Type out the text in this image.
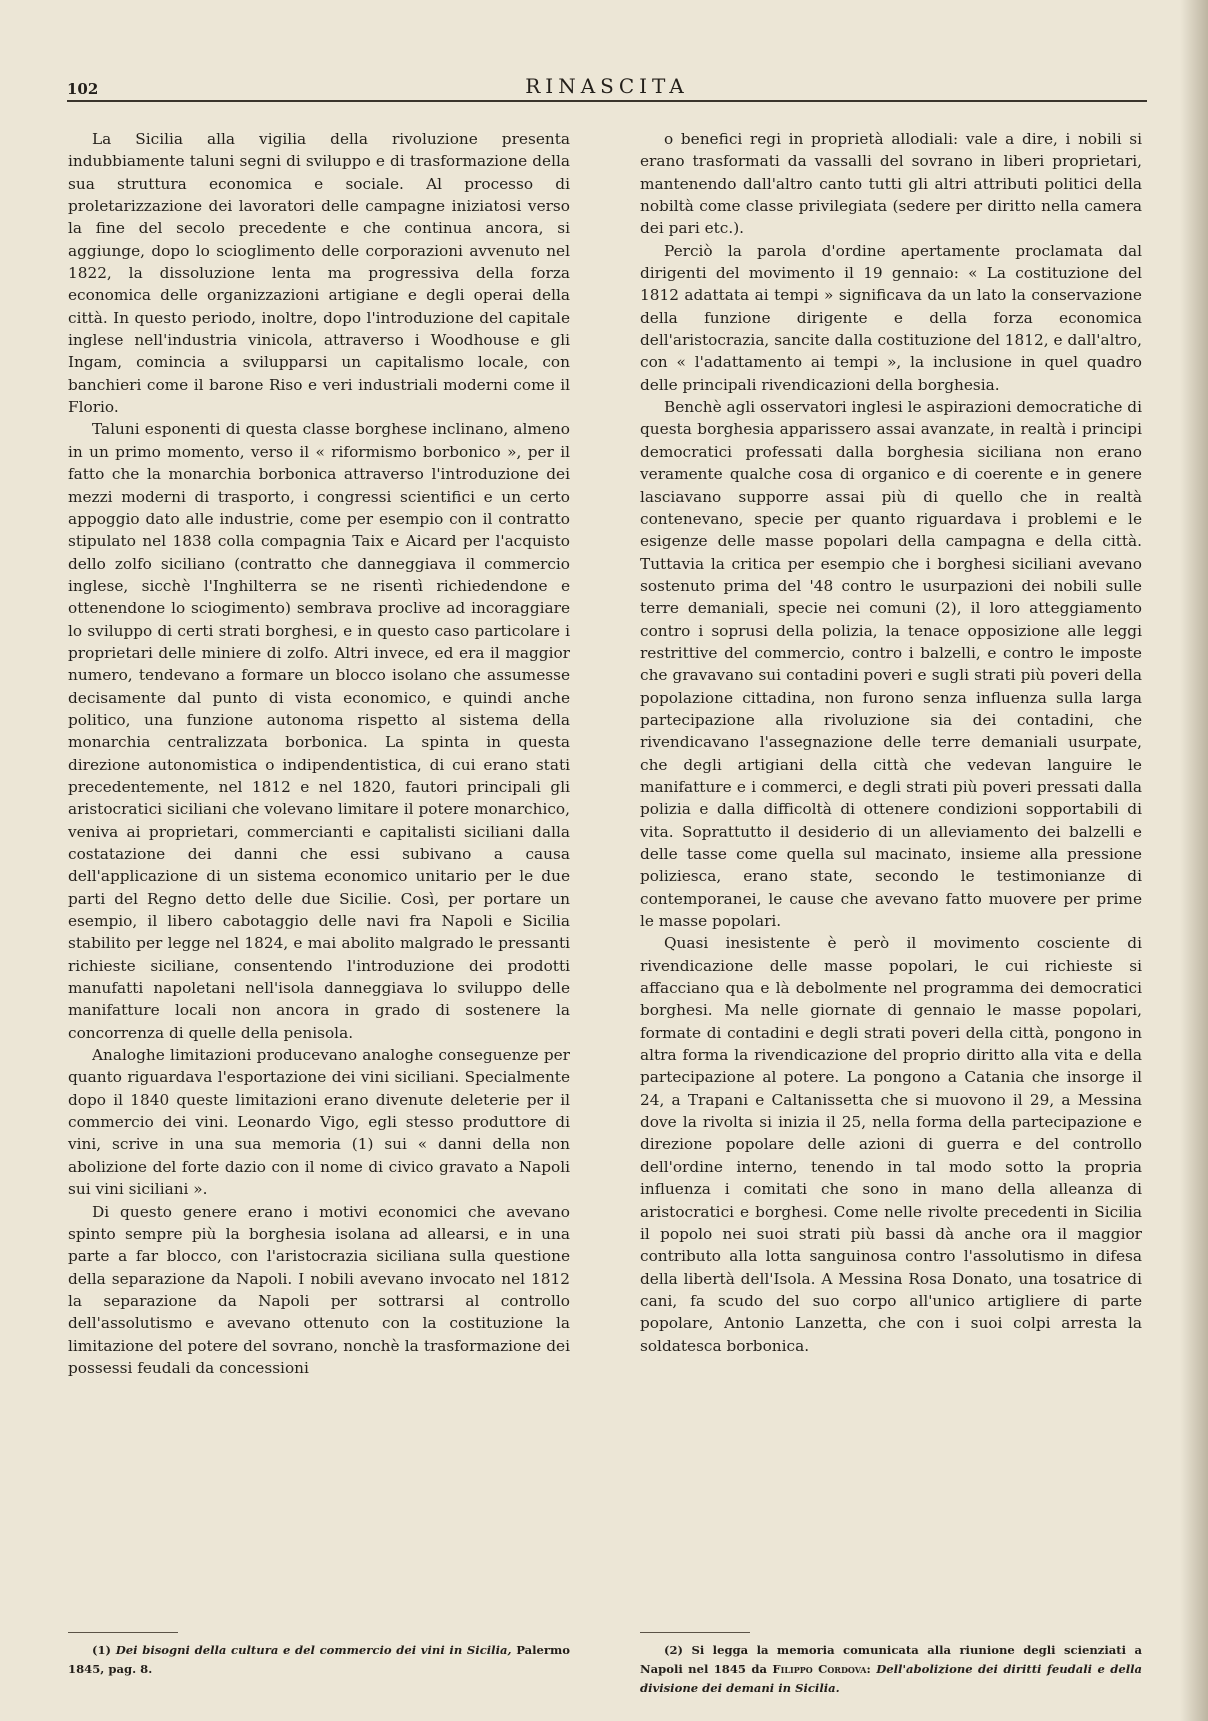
102	RINASCITA

La Sicilia alla vigilia della rivoluzione presenta indubbiamente taluni segni di sviluppo e di trasformazione della sua struttura economica e sociale. Al processo di proletarizzazione dei lavoratori delle campagne iniziatosi verso la fine del secolo precedente e che continua ancora, si aggiunge, dopo lo scioglimento delle corporazioni avvenuto nel 1822, la dissoluzione lenta ma progressiva della forza economica delle organizzazioni artigiane e degli operai della città. In questo periodo, inoltre, dopo l'introduzione del capitale inglese nell'industria vinicola, attraverso i Woodhouse e gli Ingam, comincia a svilupparsi un capitalismo locale, con banchieri come il barone Riso e veri industriali moderni come il Florio.

Taluni esponenti di questa classe borghese inclinano, almeno in un primo momento, verso il « riformismo borbonico », per il fatto che la monarchia borbonica attraverso l'introduzione dei mezzi moderni di trasporto, i congressi scientifici e un certo appoggio dato alle industrie, come per esempio con il contratto stipulato nel 1838 colla compagnia Taix e Aicard per l'acquisto dello zolfo siciliano (contratto che danneggiava il commercio inglese, sicchè l'Inghilterra se ne risentì richiedendone e ottenendone lo sciogimento) sembrava proclive ad incoraggiare lo sviluppo di certi strati borghesi, e in questo caso particolare i proprietari delle miniere di zolfo. Altri invece, ed era il maggior numero, tendevano a formare un blocco isolano che assumesse decisamente dal punto di vista economico, e quindi anche politico, una funzione autonoma rispetto al sistema della monarchia centralizzata borbonica. La spinta in questa direzione autonomistica o indipendentistica, di cui erano stati precedentemente, nel 1812 e nel 1820, fautori principali gli aristocratici siciliani che volevano limitare il potere monarchico, veniva ai proprietari, commercianti e capitalisti siciliani dalla costatazione dei danni che essi subivano a causa dell'applicazione di un sistema economico unitario per le due parti del Regno detto delle due Sicilie. Così, per portare un esempio, il libero cabotaggio delle navi fra Napoli e Sicilia stabilito per legge nel 1824, e mai abolito malgrado le pressanti richieste siciliane, consentendo l'introduzione dei prodotti manufatti napoletani nell'isola danneggiava lo sviluppo delle manifatture locali non ancora in grado di sostenere la concorrenza di quelle della penisola.

Analoghe limitazioni producevano analoghe conseguenze per quanto riguardava l'esportazione dei vini siciliani. Specialmente dopo il 1840 queste limitazioni erano divenute deleterie per il commercio dei vini. Leonardo Vigo, egli stesso produttore di vini, scrive in una sua memoria (1) sui « danni della non abolizione del forte dazio con il nome di civico gravato a Napoli sui vini siciliani ».

Di questo genere erano i motivi economici che avevano spinto sempre più la borghesia isolana ad allearsi, e in una parte a far blocco, con l'aristocrazia siciliana sulla questione della separazione da Napoli. I nobili avevano invocato nel 1812 la separazione da Napoli per sottrarsi al controllo dell'assolutismo e avevano ottenuto con la costituzione la limitazione del potere del sovrano, nonchè la trasformazione dei possessi feudali da concessioni

o benefici regi in proprietà allodiali: vale a dire, i nobili si erano trasformati da vassalli del sovrano in liberi proprietari, mantenendo dall'altro canto tutti gli altri attributi politici della nobiltà come classe privilegiata (sedere per diritto nella camera dei pari etc.).

Perciò la parola d'ordine apertamente proclamata dal dirigenti del movimento il 19 gennaio: « La costituzione del 1812 adattata ai tempi » significava da un lato la conservazione della funzione dirigente e della forza economica dell'aristocrazia, sancite dalla costituzione del 1812, e dall'altro, con « l'adattamento ai tempi », la inclusione in quel quadro delle principali rivendicazioni della borghesia.

Benchè agli osservatori inglesi le aspirazioni democratiche di questa borghesia apparissero assai avanzate, in realtà i principi democratici professati dalla borghesia siciliana non erano veramente qualche cosa di organico e di coerente e in genere lasciavano supporre assai più di quello che in realtà contenevano, specie per quanto riguardava i problemi e le esigenze delle masse popolari della campagna e della città. Tuttavia la critica per esempio che i borghesi siciliani avevano sostenuto prima del '48 contro le usurpazioni dei nobili sulle terre demaniali, specie nei comuni (2), il loro atteggiamento contro i soprusi della polizia, la tenace opposizione alle leggi restrittive del commercio, contro i balzelli, e contro le imposte che gravavano sui contadini poveri e sugli strati più poveri della popolazione cittadina, non furono senza influenza sulla larga partecipazione alla rivoluzione sia dei contadini, che rivendicavano l'assegnazione delle terre demaniali usurpate, che degli artigiani della città che vedevan languire le manifatture e i commerci, e degli strati più poveri pressati dalla polizia e dalla difficoltà di ottenere condizioni sopportabili di vita. Soprattutto il desiderio di un alleviamento dei balzelli e delle tasse come quella sul macinato, insieme alla pressione poliziesca, erano state, secondo le testimonianze di contemporanei, le cause che avevano fatto muovere per prime le masse popolari.

Quasi inesistente è però il movimento cosciente di rivendicazione delle masse popolari, le cui richieste si affacciano qua e là debolmente nel programma dei democratici borghesi. Ma nelle giornate di gennaio le masse popolari, formate di contadini e degli strati poveri della città, pongono in altra forma la rivendicazione del proprio diritto alla vita e della partecipazione al potere. La pongono a Catania che insorge il 24, a Trapani e Caltanissetta che si muovono il 29, a Messina dove la rivolta si inizia il 25, nella forma della partecipazione e direzione popolare delle azioni di guerra e del controllo dell'ordine interno, tenendo in tal modo sotto la propria influenza i comitati che sono in mano della alleanza di aristocratici e borghesi. Come nelle rivolte precedenti in Sicilia il popolo nei suoi strati più bassi dà anche ora il maggior contributo alla lotta sanguinosa contro l'assolutismo in difesa della libertà dell'Isola. A Messina Rosa Donato, una tosatrice di cani, fa scudo del suo corpo all'unico artigliere di parte popolare, Antonio Lanzetta, che con i suoi colpi arresta la soldatesca borbonica.

(1) Dei bisogni della cultura e del commercio dei vini in Sicilia, Palermo 1845, pag. 8.

(2) Si legga la memoria comunicata alla riunione degli scienziati a Napoli nel 1845 da Filippo Cordova: Dell'abolizione dei diritti feudali e della divisione dei demani in Sicilia.
